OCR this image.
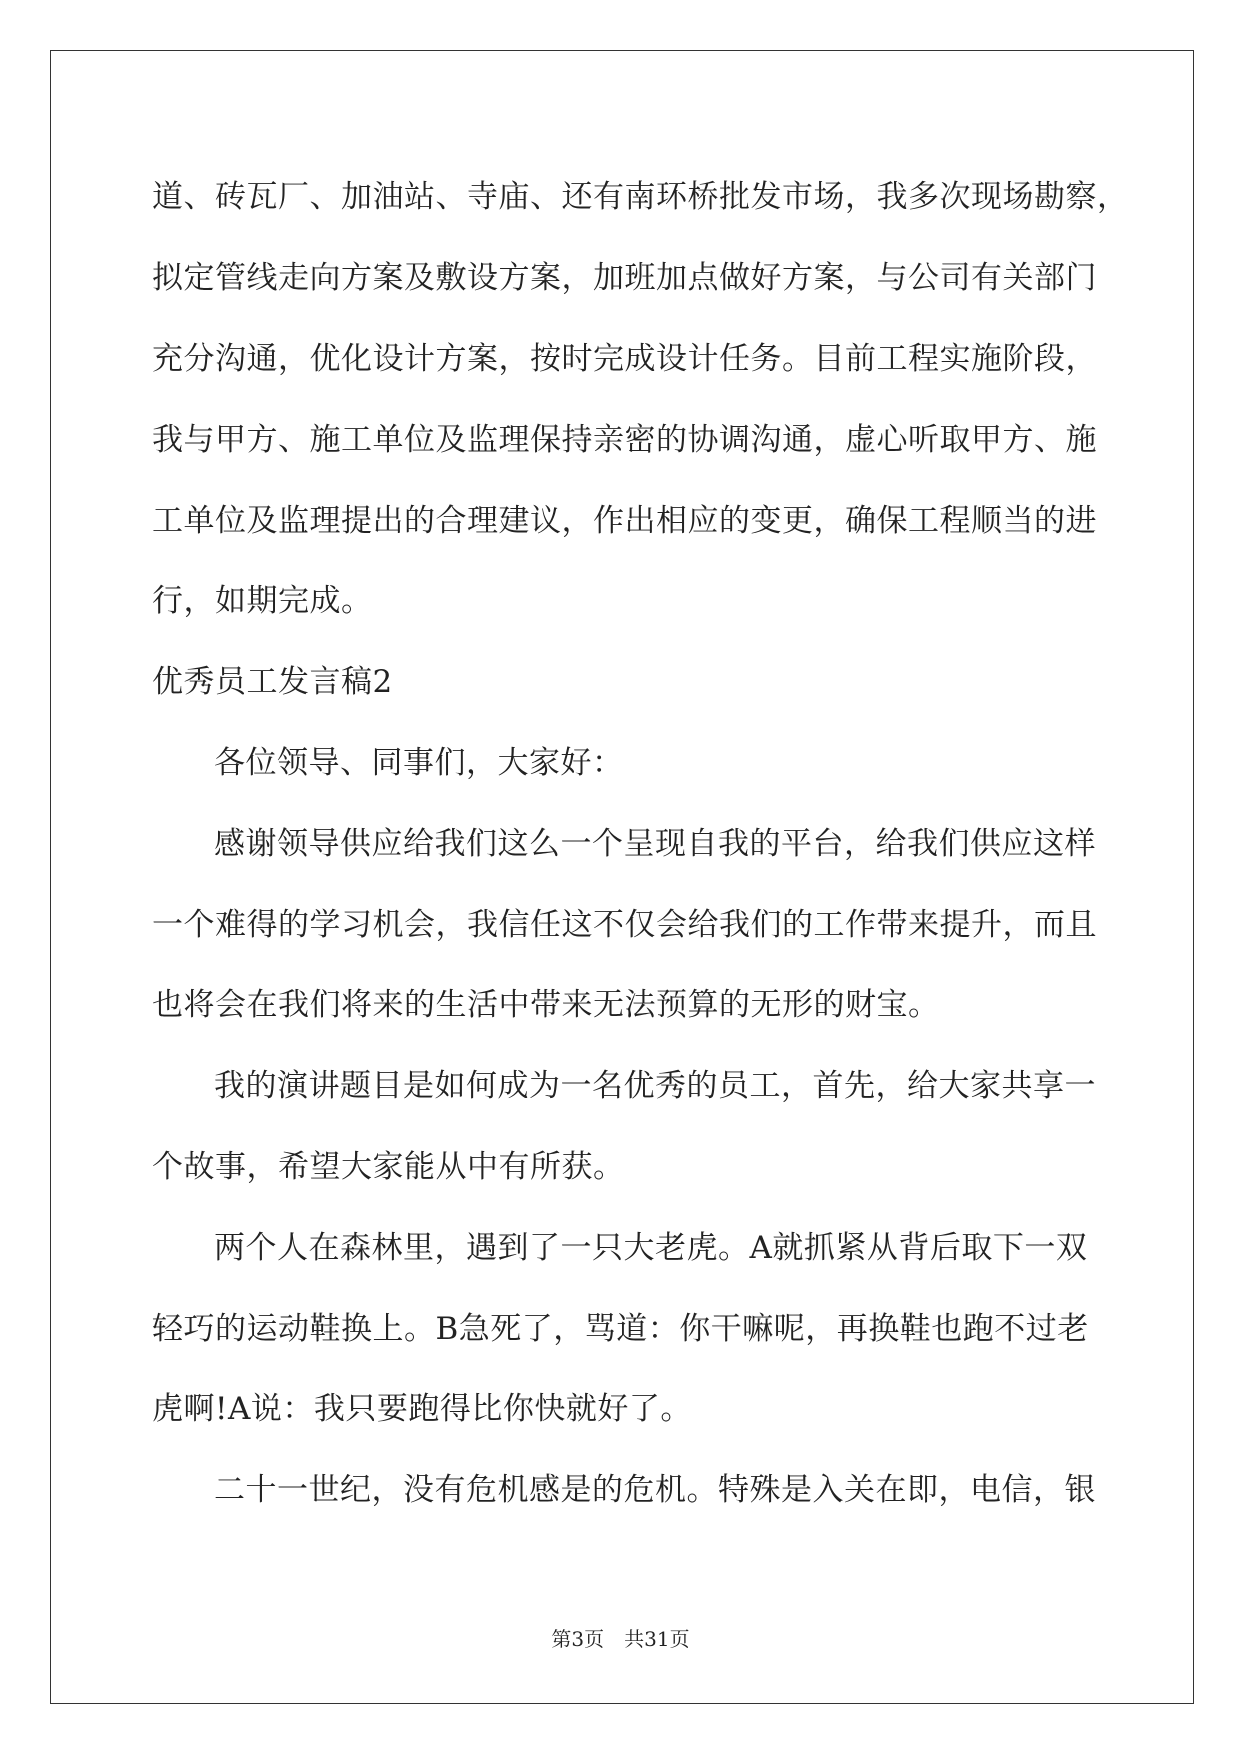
道、砖瓦厂、加油站、寺庙、还有南环桥批发市场，我多次现场勘察，
拟定管线走向方案及敷设方案，加班加点做好方案，与公司有关部门
充分沟通，优化设计方案，按时完成设计任务。目前工程实施阶段，
我与甲方、施工单位及监理保持亲密的协调沟通，虚心听取甲方、施
工单位及监理提出的合理建议，作出相应的变更，确保工程顺当的进
行，如期完成。
优秀员工发言稿2
各位领导、同事们，大家好：
感谢领导供应给我们这么一个呈现自我的平台，给我们供应这样
一个难得的学习机会，我信任这不仅会给我们的工作带来提升，而且
也将会在我们将来的生活中带来无法预算的无形的财宝。
我的演讲题目是如何成为一名优秀的员工，首先，给大家共享一
个故事，希望大家能从中有所获。
两个人在森林里，遇到了一只大老虎。A就抓紧从背后取下一双
轻巧的运动鞋换上。B急死了，骂道：你干嘛呢，再换鞋也跑不过老
虎啊!A说：我只要跑得比你快就好了。
二十一世纪，没有危机感是的危机。特殊是入关在即，电信，银
第3页　共31页
